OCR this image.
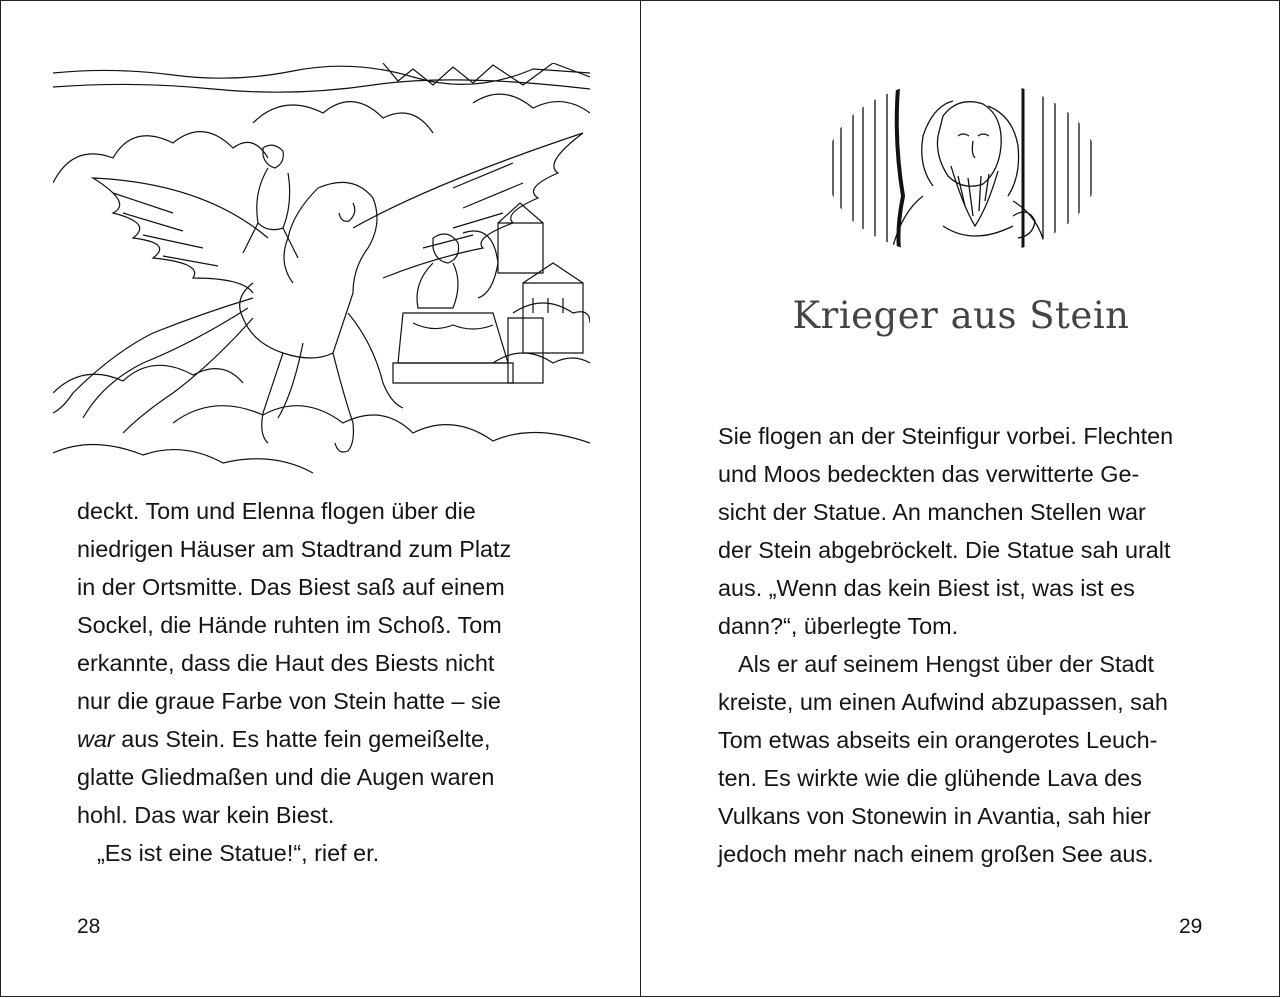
deckt. Tom und Elenna flogen über die
niedrigen Häuser am Stadtrand zum Platz
in der Ortsmitte. Das Biest saß auf einem
Sockel, die Hände ruhten im Schoß. Tom
erkannte, dass die Haut des Biests nicht
nur die graue Farbe von Stein hatte – sie
war aus Stein. Es hatte fein gemeißelte,
glatte Gliedmaßen und die Augen waren
hohl. Das war kein Biest.
„Es ist eine Statue!“, rief er.
28
Krieger aus Stein
Sie flogen an der Steinfigur vorbei. Flechten
und Moos bedeckten das verwitterte Ge-
sicht der Statue. An manchen Stellen war
der Stein abgebröckelt. Die Statue sah uralt
aus. „Wenn das kein Biest ist, was ist es
dann?“, überlegte Tom.
Als er auf seinem Hengst über der Stadt
kreiste, um einen Aufwind abzupassen, sah
Tom etwas abseits ein orangerotes Leuch-
ten. Es wirkte wie die glühende Lava des
Vulkans von Stonewin in Avantia, sah hier
jedoch mehr nach einem großen See aus.
29
